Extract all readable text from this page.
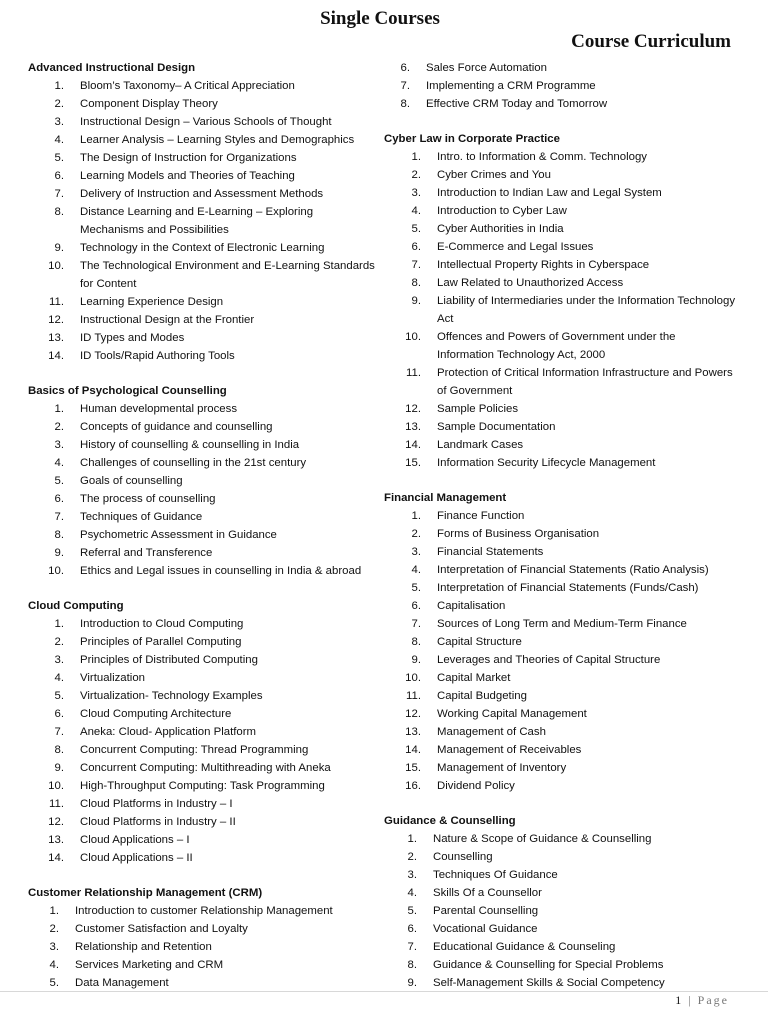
Single Courses
Course Curriculum
Advanced Instructional Design
1. Bloom’s Taxonomy– A Critical Appreciation
2. Component Display Theory
3. Instructional Design – Various Schools of Thought
4. Learner Analysis – Learning Styles and Demographics
5. The Design of Instruction for Organizations
6. Learning Models and Theories of Teaching
7. Delivery of Instruction and Assessment Methods
8. Distance Learning and E-Learning – Exploring Mechanisms and Possibilities
9. Technology in the Context of Electronic Learning
10. The Technological Environment and E-Learning Standards for Content
11. Learning Experience Design
12. Instructional Design at the Frontier
13. ID Types and Modes
14. ID Tools/Rapid Authoring Tools
Basics of Psychological Counselling
1. Human developmental process
2. Concepts of guidance and counselling
3. History of counselling & counselling in India
4. Challenges of counselling in the 21st century
5. Goals of counselling
6. The process of counselling
7. Techniques of Guidance
8. Psychometric Assessment in Guidance
9. Referral and Transference
10. Ethics and Legal issues in counselling in India & abroad
Cloud Computing
1. Introduction to Cloud Computing
2. Principles of Parallel Computing
3. Principles of Distributed Computing
4. Virtualization
5. Virtualization- Technology Examples
6. Cloud Computing Architecture
7. Aneka: Cloud- Application Platform
8. Concurrent Computing: Thread Programming
9. Concurrent Computing: Multithreading with Aneka
10. High-Throughput Computing: Task Programming
11. Cloud Platforms in Industry – I
12. Cloud Platforms in Industry – II
13. Cloud Applications – I
14. Cloud Applications – II
Customer Relationship Management (CRM)
1. Introduction to customer Relationship Management
2. Customer Satisfaction and Loyalty
3. Relationship and Retention
4. Services Marketing and CRM
5. Data Management
6. Sales Force Automation
7. Implementing a CRM Programme
8. Effective CRM Today and Tomorrow
Cyber Law in Corporate Practice
1. Intro. to Information & Comm. Technology
2. Cyber Crimes and You
3. Introduction to Indian Law and Legal System
4. Introduction to Cyber Law
5. Cyber Authorities in India
6. E-Commerce and Legal Issues
7. Intellectual Property Rights in Cyberspace
8. Law Related to Unauthorized Access
9. Liability of Intermediaries under the Information Technology Act
10. Offences and Powers of Government under the Information Technology Act, 2000
11. Protection of Critical Information Infrastructure and Powers of Government
12. Sample Policies
13. Sample Documentation
14. Landmark Cases
15. Information Security Lifecycle Management
Financial Management
1. Finance Function
2. Forms of Business Organisation
3. Financial Statements
4. Interpretation of Financial Statements (Ratio Analysis)
5. Interpretation of Financial Statements (Funds/Cash)
6. Capitalisation
7. Sources of Long Term and Medium-Term Finance
8. Capital Structure
9. Leverages and Theories of Capital Structure
10. Capital Market
11. Capital Budgeting
12. Working Capital Management
13. Management of Cash
14. Management of Receivables
15. Management of Inventory
16. Dividend Policy
Guidance & Counselling
1. Nature & Scope of Guidance & Counselling
2. Counselling
3. Techniques Of Guidance
4. Skills Of a Counsellor
5. Parental Counselling
6. Vocational Guidance
7. Educational Guidance & Counseling
8. Guidance & Counselling for Special Problems
9. Self-Management Skills & Social Competency
1 | Page
